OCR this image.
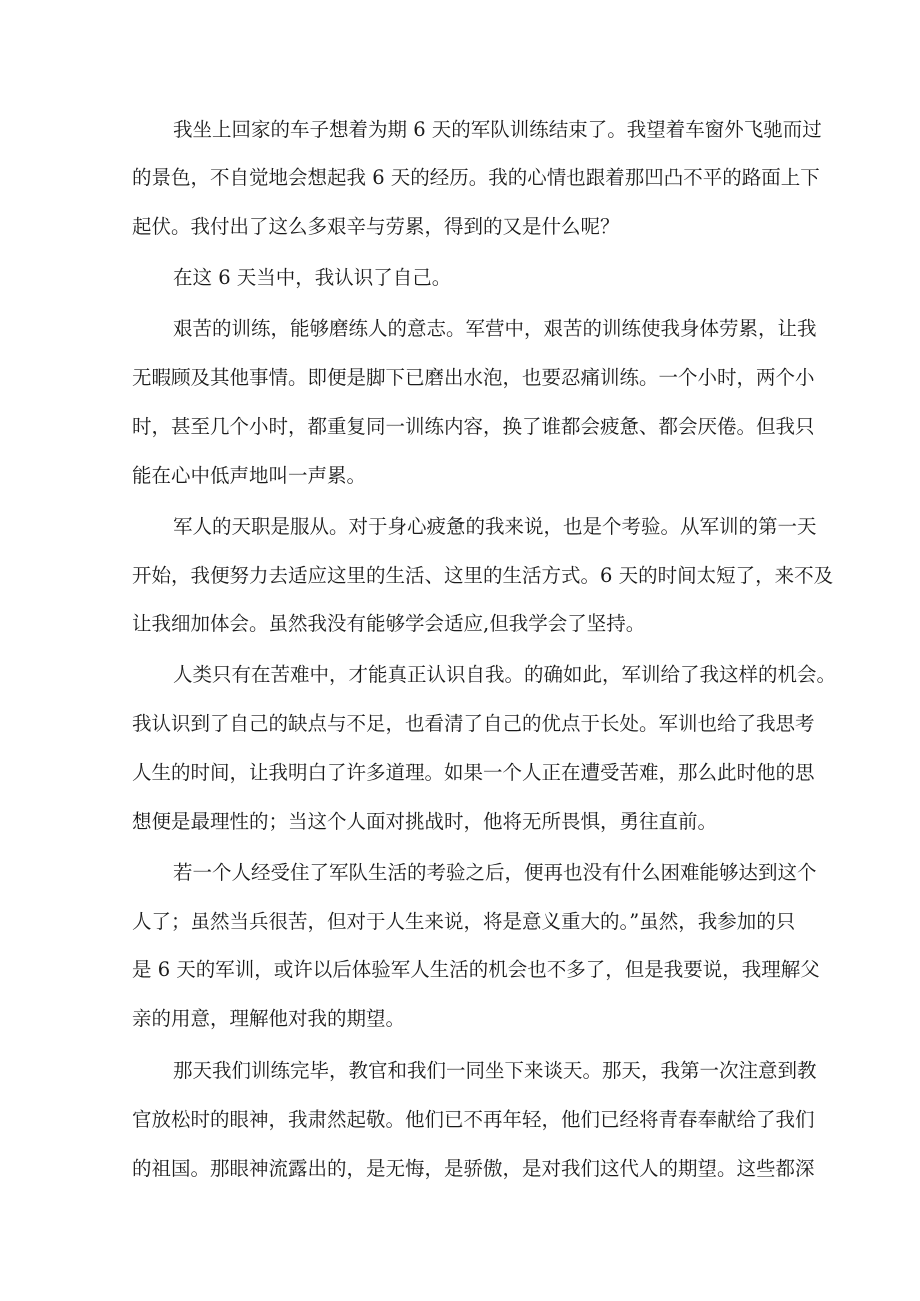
我坐上回家的车子想着为期 6 天的军队训练结束了。我望着车窗外飞驰而过

的景色，不自觉地会想起我 6 天的经历。我的心情也跟着那凹凸不平的路面上下

起伏。我付出了这么多艰辛与劳累，得到的又是什么呢？

在这 6 天当中，我认识了自己。

艰苦的训练，能够磨练人的意志。军营中，艰苦的训练使我身体劳累，让我

无暇顾及其他事情。即便是脚下已磨出水泡，也要忍痛训练。一个小时，两个小

时，甚至几个小时，都重复同一训练内容，换了谁都会疲惫、都会厌倦。但我只

能在心中低声地叫一声累。

军人的天职是服从。对于身心疲惫的我来说，也是个考验。从军训的第一天

开始，我便努力去适应这里的生活、这里的生活方式。6 天的时间太短了，来不及

让我细加体会。虽然我没有能够学会适应,但我学会了坚持。

人类只有在苦难中，才能真正认识自我。的确如此，军训给了我这样的机会。

我认识到了自己的缺点与不足，也看清了自己的优点于长处。军训也给了我思考

人生的时间，让我明白了许多道理。如果一个人正在遭受苦难，那么此时他的思

想便是最理性的；当这个人面对挑战时，他将无所畏惧，勇往直前。

若一个人经受住了军队生活的考验之后，便再也没有什么困难能够达到这个

人了；虽然当兵很苦，但对于人生来说，将是意义重大的。”虽然，我参加的只

是 6 天的军训，或许以后体验军人生活的机会也不多了，但是我要说，我理解父

亲的用意，理解他对我的期望。

那天我们训练完毕，教官和我们一同坐下来谈天。那天，我第一次注意到教

官放松时的眼神，我肃然起敬。他们已不再年轻，他们已经将青春奉献给了我们

的祖国。那眼神流露出的，是无悔，是骄傲，是对我们这代人的期望。这些都深
